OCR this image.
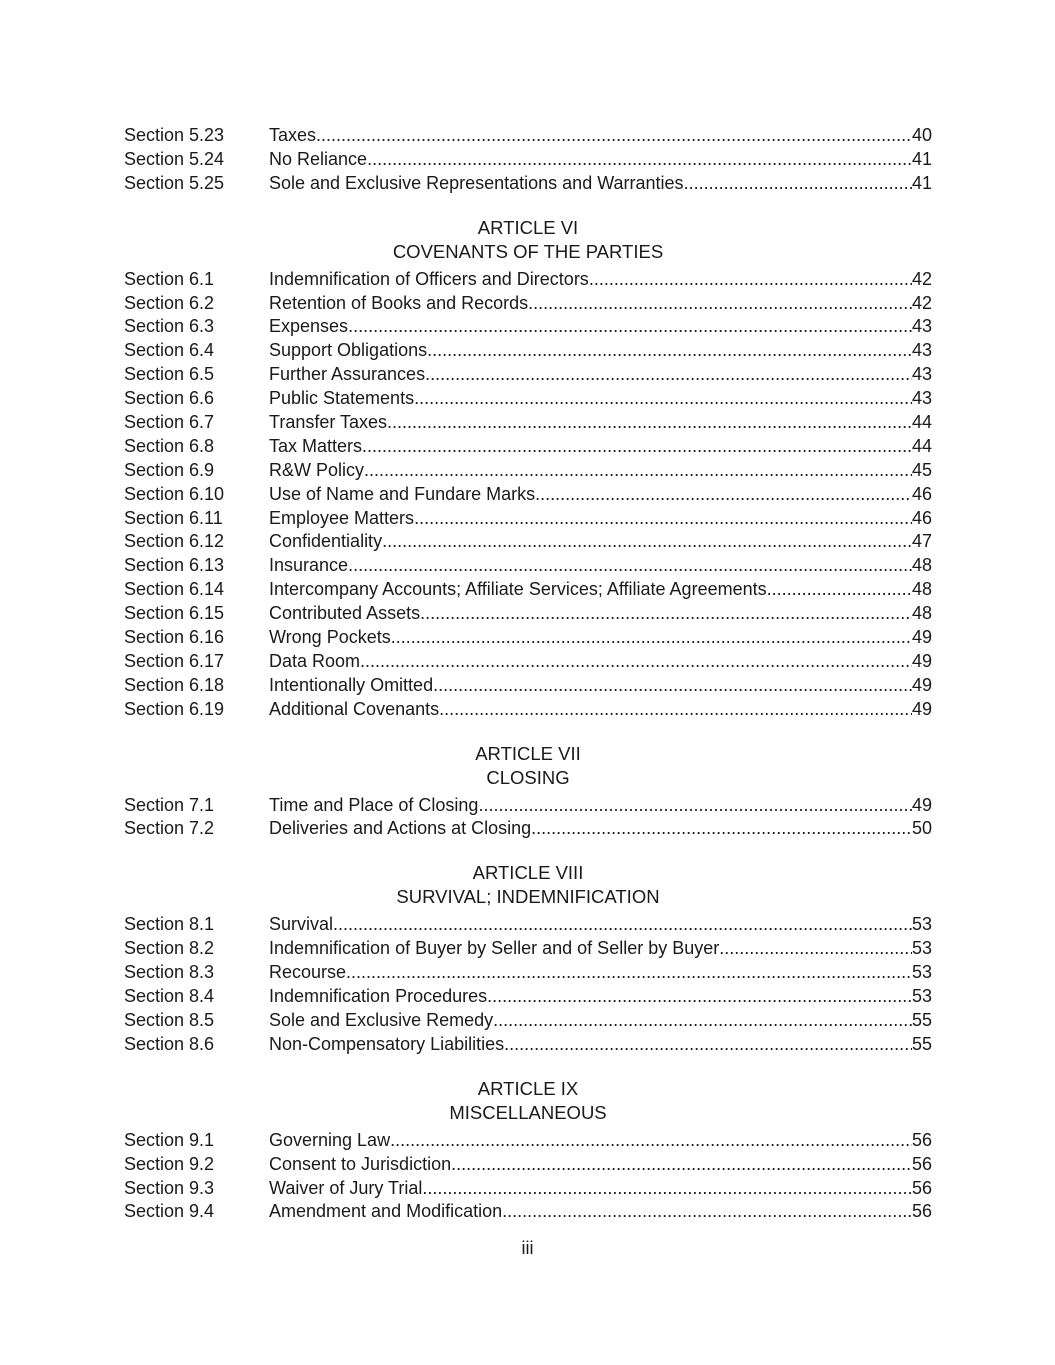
Section 5.23	Taxes .....	40
Section 5.24	No Reliance .....	41
Section 5.25	Sole and Exclusive Representations and Warranties .....	41
ARTICLE VI
COVENANTS OF THE PARTIES
Section 6.1	Indemnification of Officers and Directors .....	42
Section 6.2	Retention of Books and Records .....	42
Section 6.3	Expenses .....	43
Section 6.4	Support Obligations .....	43
Section 6.5	Further Assurances .....	43
Section 6.6	Public Statements .....	43
Section 6.7	Transfer Taxes .....	44
Section 6.8	Tax Matters .....	44
Section 6.9	R&W Policy .....	45
Section 6.10	Use of Name and Fundare Marks .....	46
Section 6.11	Employee Matters .....	46
Section 6.12	Confidentiality .....	47
Section 6.13	Insurance .....	48
Section 6.14	Intercompany Accounts; Affiliate Services; Affiliate Agreements .....	48
Section 6.15	Contributed Assets .....	48
Section 6.16	Wrong Pockets .....	49
Section 6.17	Data Room .....	49
Section 6.18	Intentionally Omitted .....	49
Section 6.19	Additional Covenants .....	49
ARTICLE VII
CLOSING
Section 7.1	Time and Place of Closing .....	49
Section 7.2	Deliveries and Actions at Closing .....	50
ARTICLE VIII
SURVIVAL; INDEMNIFICATION
Section 8.1	Survival .....	53
Section 8.2	Indemnification of Buyer by Seller and of Seller by Buyer .....	53
Section 8.3	Recourse .....	53
Section 8.4	Indemnification Procedures .....	53
Section 8.5	Sole and Exclusive Remedy .....	55
Section 8.6	Non-Compensatory Liabilities .....	55
ARTICLE IX
MISCELLANEOUS
Section 9.1	Governing Law .....	56
Section 9.2	Consent to Jurisdiction .....	56
Section 9.3	Waiver of Jury Trial .....	56
Section 9.4	Amendment and Modification .....	56
iii
